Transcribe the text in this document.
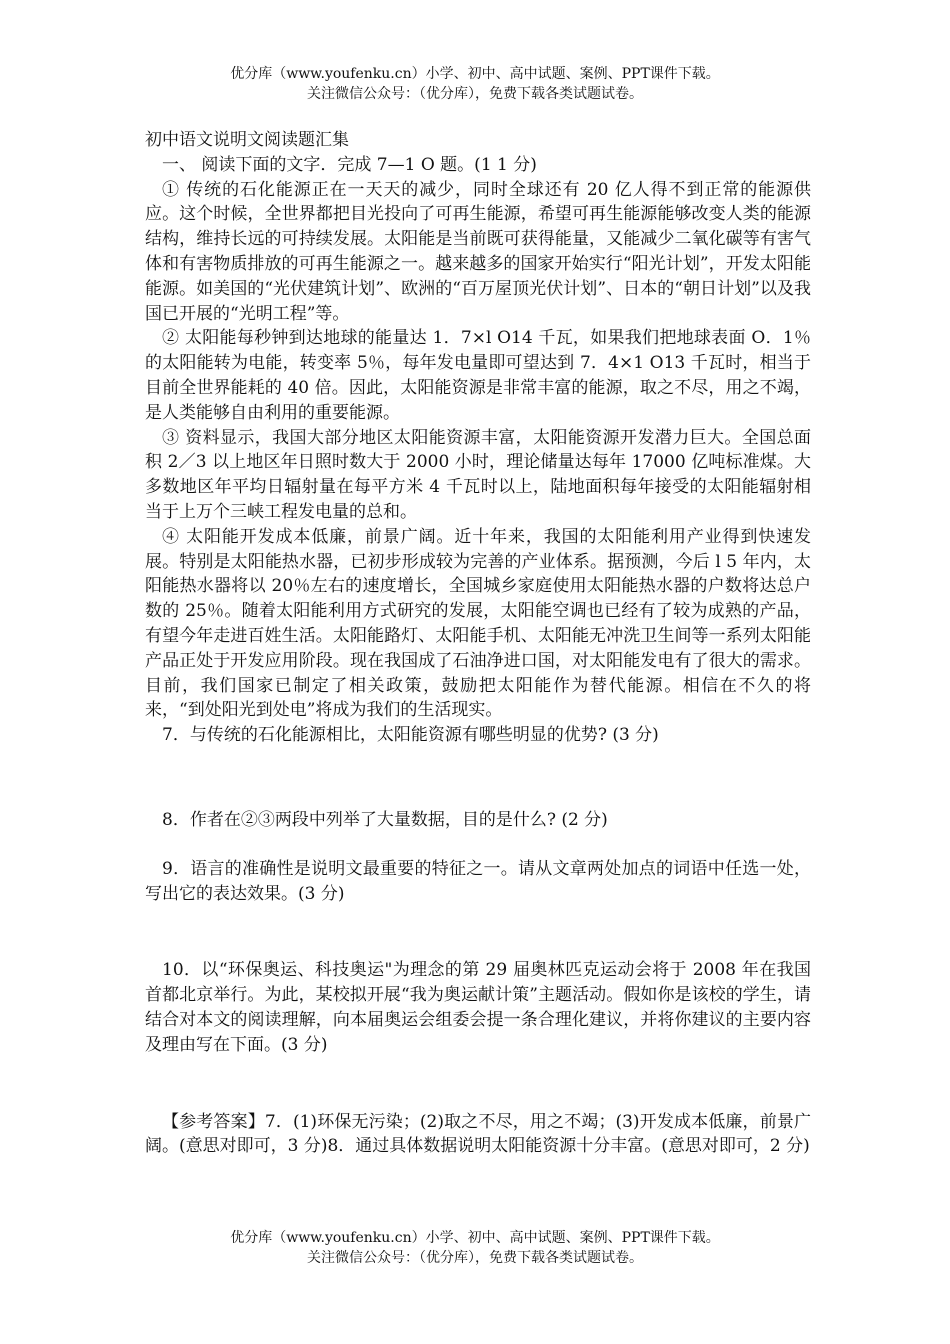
优分库（www.youfenku.cn）小学、初中、高中试题、案例、PPT课件下载。
关注微信公众号：（优分库），免费下载各类试题试卷。

初中语文说明文阅读题汇集

一、 阅读下面的文字．完成 7—1 O 题。(1 1 分)

① 传统的石化能源正在一天天的减少，同时全球还有 20 亿人得不到正常的能源供应。这个时候，全世界都把目光投向了可再生能源，希望可再生能源能够改变人类的能源结构，维持长远的可持续发展。太阳能是当前既可获得能量，又能减少二氧化碳等有害气体和有害物质排放的可再生能源之一。越来越多的国家开始实行“阳光计划”，开发太阳能能源。如美国的“光伏建筑计划”、欧洲的“百万屋顶光伏计划”、日本的“朝日计划”以及我国已开展的“光明工程”等。

② 太阳能每秒钟到达地球的能量达 1．7×l O14 千瓦，如果我们把地球表面 O．1％的太阳能转为电能，转变率 5％，每年发电量即可望达到 7．4×1 O13 千瓦时，相当于目前全世界能耗的 40 倍。因此，太阳能资源是非常丰富的能源，取之不尽，用之不竭，是人类能够自由利用的重要能源。

③ 资料显示，我国大部分地区太阳能资源丰富，太阳能资源开发潜力巨大。全国总面积 2／3 以上地区年日照时数大于 2000 小时，理论储量达每年 17000 亿吨标准煤。大多数地区年平均日辐射量在每平方米 4 千瓦时以上，陆地面积每年接受的太阳能辐射相当于上万个三峡工程发电量的总和。

④ 太阳能开发成本低廉，前景广阔。近十年来，我国的太阳能利用产业得到快速发展。特别是太阳能热水器，已初步形成较为完善的产业体系。据预测，今后 l 5 年内，太阳能热水器将以 20％左右的速度增长，全国城乡家庭使用太阳能热水器的户数将达总户数的 25％。随着太阳能利用方式研究的发展，太阳能空调也已经有了较为成熟的产品，有望今年走进百姓生活。太阳能路灯、太阳能手机、太阳能无冲洗卫生间等一系列太阳能产品正处于开发应用阶段。现在我国成了石油净进口国，对太阳能发电有了很大的需求。目前，我们国家已制定了相关政策，鼓励把太阳能作为替代能源。相信在不久的将来，“到处阳光到处电”将成为我们的生活现实。

7．与传统的石化能源相比，太阳能资源有哪些明显的优势? (3 分)

8．作者在②③两段中列举了大量数据，目的是什么? (2 分)

9．语言的准确性是说明文最重要的特征之一。请从文章两处加点的词语中任选一处，写出它的表达效果。(3 分)

10．以“环保奥运、科技奥运"为理念的第 29 届奥林匹克运动会将于 2008 年在我国首都北京举行。为此，某校拟开展“我为奥运献计策”主题活动。假如你是该校的学生，请结合对本文的阅读理解，向本届奥运会组委会提一条合理化建议，并将你建议的主要内容及理由写在下面。(3 分)

【参考答案】7．(1)环保无污染；(2)取之不尽，用之不竭；(3)开发成本低廉，前景广阔。(意思对即可，3 分)8．通过具体数据说明太阳能资源十分丰富。(意思对即可，2 分)

优分库（www.youfenku.cn）小学、初中、高中试题、案例、PPT课件下载。
关注微信公众号：（优分库），免费下载各类试题试卷。
